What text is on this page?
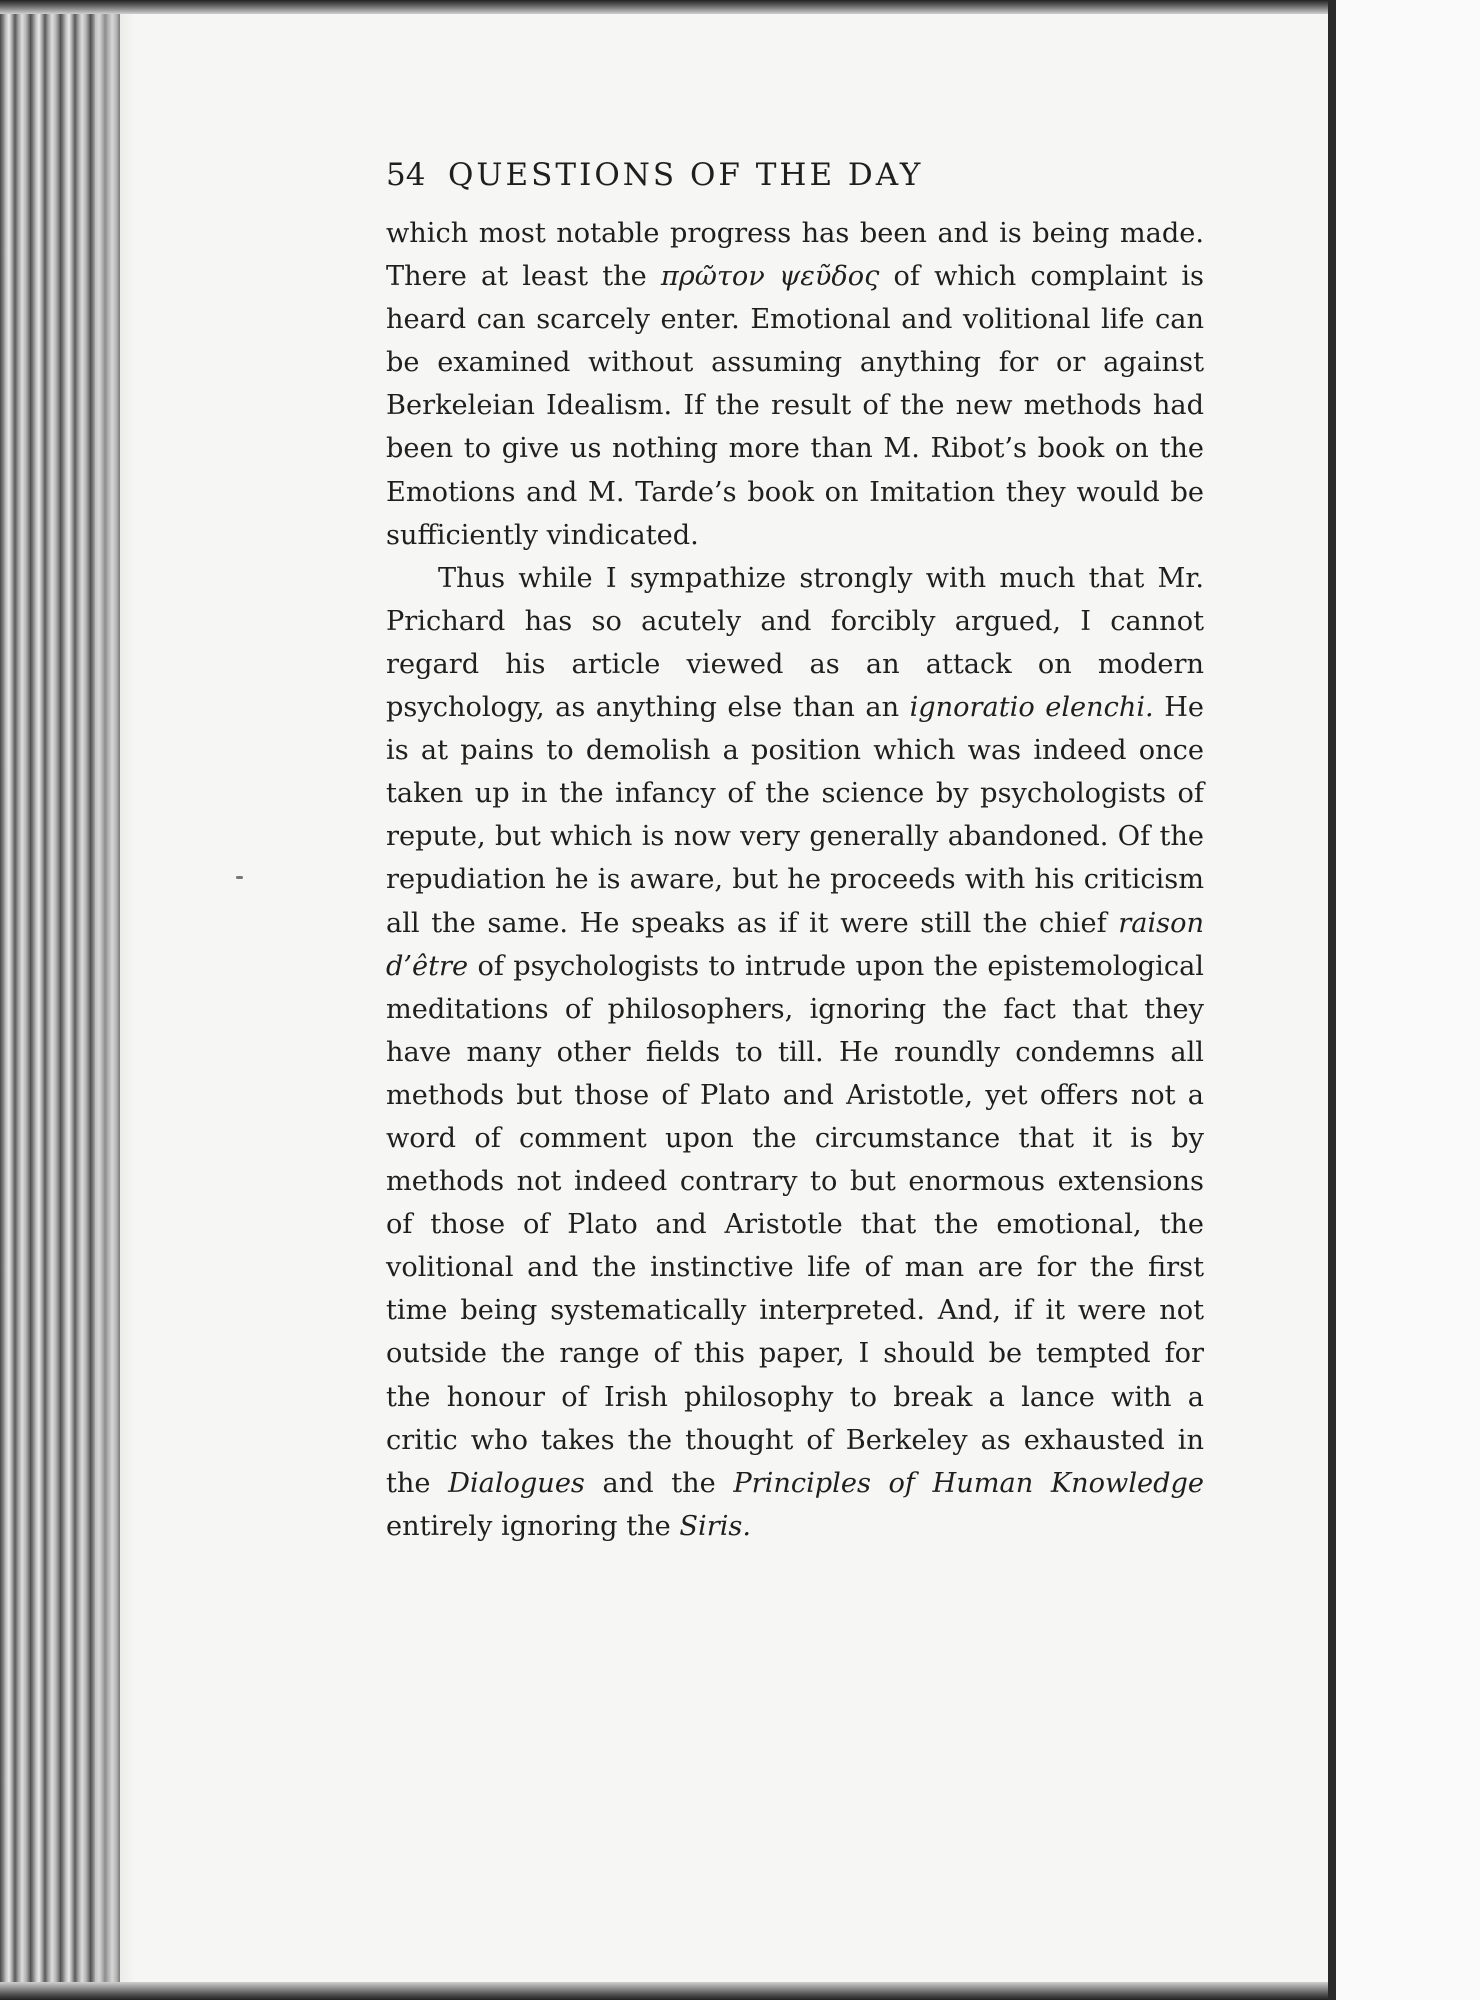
54 QUESTIONS OF THE DAY

which most notable progress has been and is being made. There at least the πρῶτον ψεῦδος of which complaint is heard can scarcely enter. Emotional and volitional life can be examined without assuming anything for or against Berkeleian Idealism. If the result of the new methods had been to give us nothing more than M. Ribot’s book on the Emotions and M. Tarde’s book on Imitation they would be sufficiently vindicated.

Thus while I sympathize strongly with much that Mr. Prichard has so acutely and forcibly argued, I cannot regard his article viewed as an attack on modern psychology, as anything else than an ignoratio elenchi. He is at pains to demolish a position which was indeed once taken up in the infancy of the science by psychologists of repute, but which is now very generally abandoned. Of the repudiation he is aware, but he proceeds with his criticism all the same. He speaks as if it were still the chief raison d’être of psychologists to intrude upon the epistemological meditations of philosophers, ignoring the fact that they have many other fields to till. He roundly condemns all methods but those of Plato and Aristotle, yet offers not a word of comment upon the circumstance that it is by methods not indeed contrary to but enormous extensions of those of Plato and Aristotle that the emotional, the volitional and the instinctive life of man are for the first time being systematically interpreted. And, if it were not outside the range of this paper, I should be tempted for the honour of Irish philosophy to break a lance with a critic who takes the thought of Berkeley as exhausted in the Dialogues and the Principles of Human Knowledge entirely ignoring the Siris.
